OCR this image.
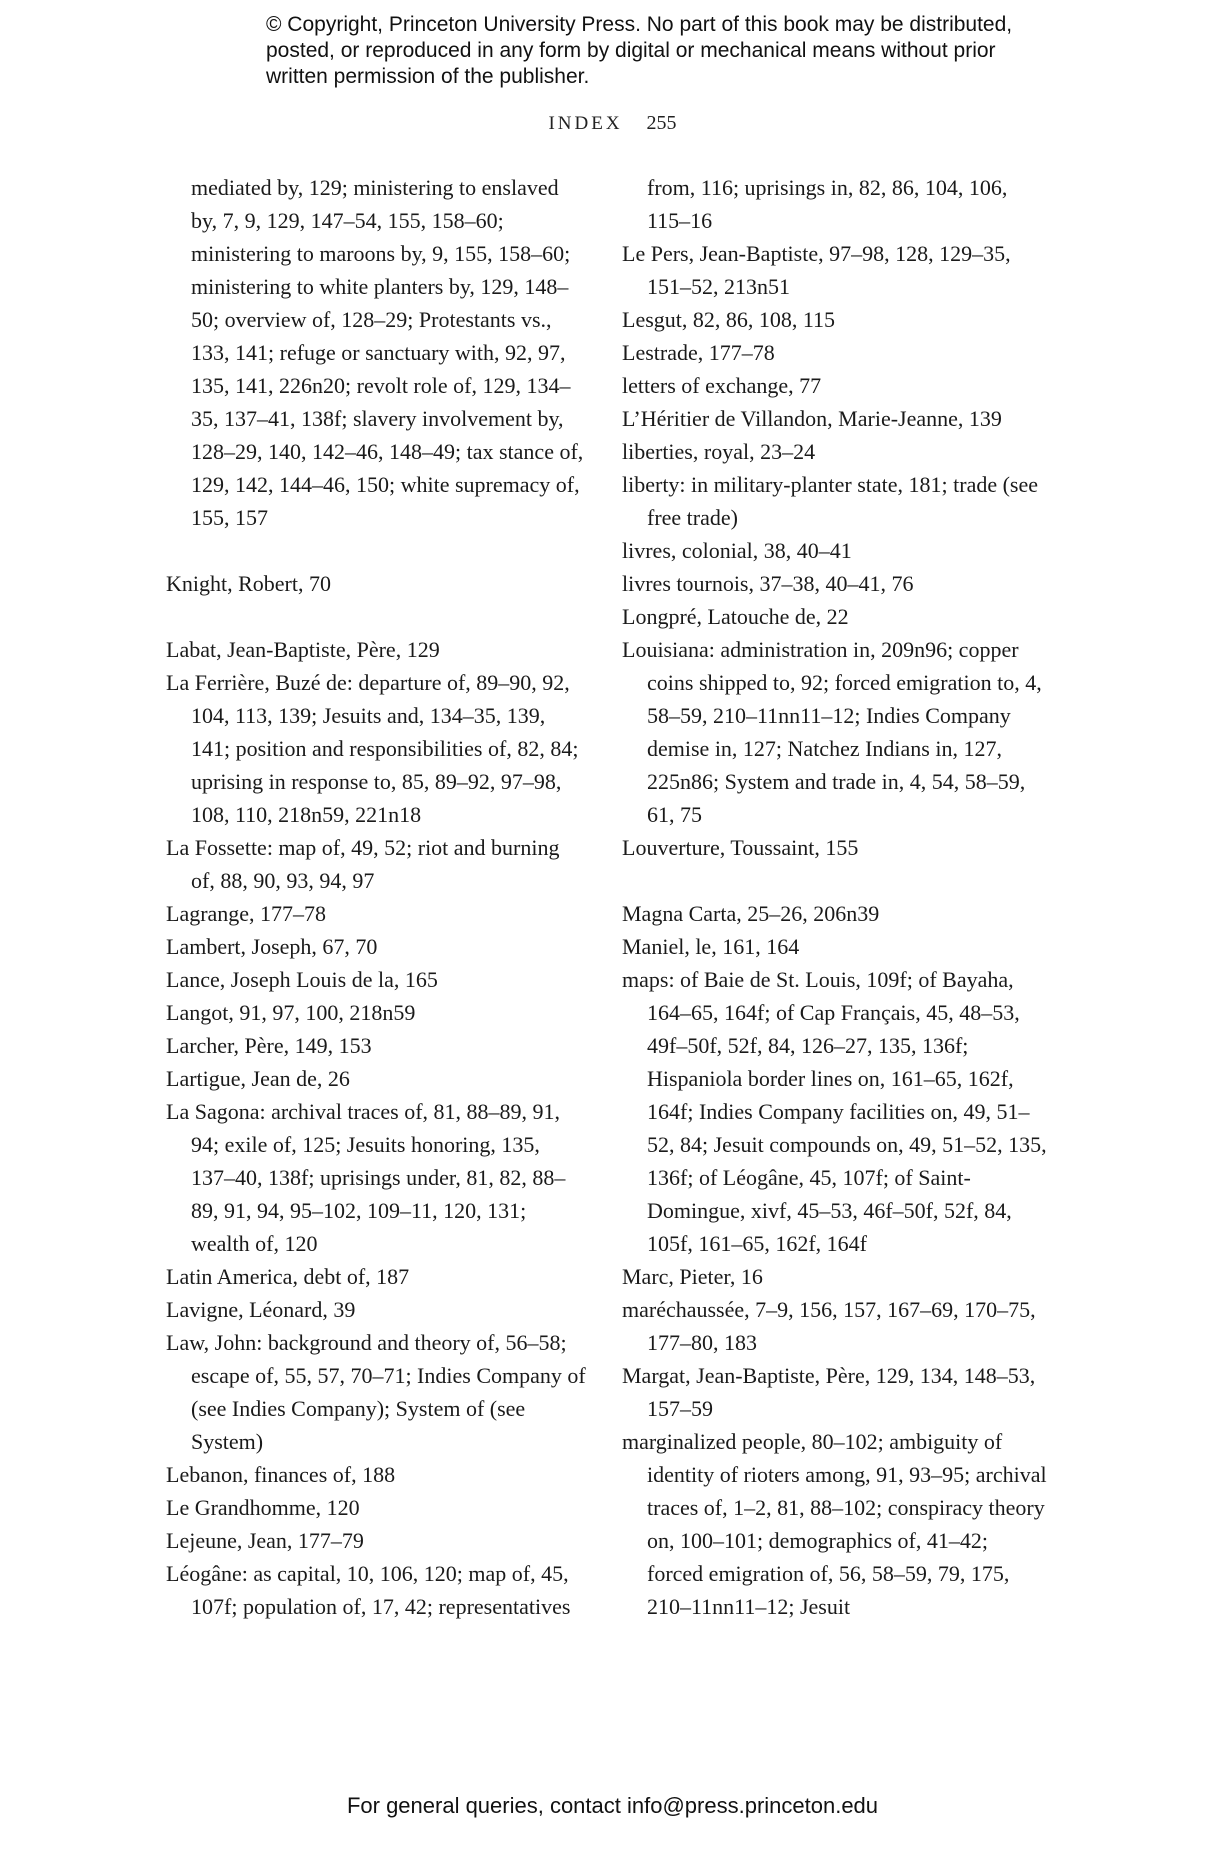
© Copyright, Princeton University Press. No part of this book may be distributed, posted, or reproduced in any form by digital or mechanical means without prior written permission of the publisher.
INDEX 255

mediated by, 129; ministering to enslaved by, 7, 9, 129, 147–54, 155, 158–60; ministering to maroons by, 9, 155, 158–60; ministering to white planters by, 129, 148–50; overview of, 128–29; Protestants vs., 133, 141; refuge or sanctuary with, 92, 97, 135, 141, 226n20; revolt role of, 129, 134–35, 137–41, 138f; slavery involvement by, 128–29, 140, 142–46, 148–49; tax stance of, 129, 142, 144–46, 150; white supremacy of, 155, 157

Knight, Robert, 70

Labat, Jean-Baptiste, Père, 129

La Ferrière, Buzé de: departure of, 89–90, 92, 104, 113, 139; Jesuits and, 134–35, 139, 141; position and responsibilities of, 82, 84; uprising in response to, 85, 89–92, 97–98, 108, 110, 218n59, 221n18

La Fossette: map of, 49, 52; riot and burning of, 88, 90, 93, 94, 97

Lagrange, 177–78

Lambert, Joseph, 67, 70

Lance, Joseph Louis de la, 165

Langot, 91, 97, 100, 218n59

Larcher, Père, 149, 153

Lartigue, Jean de, 26

La Sagona: archival traces of, 81, 88–89, 91, 94; exile of, 125; Jesuits honoring, 135, 137–40, 138f; uprisings under, 81, 82, 88–89, 91, 94, 95–102, 109–11, 120, 131; wealth of, 120

Latin America, debt of, 187

Lavigne, Léonard, 39

Law, John: background and theory of, 56–58; escape of, 55, 57, 70–71; Indies Company of (see Indies Company); System of (see System)

Lebanon, finances of, 188

Le Grandhomme, 120

Lejeune, Jean, 177–79

Léogâne: as capital, 10, 106, 120; map of, 45, 107f; population of, 17, 42; representatives

from, 116; uprisings in, 82, 86, 104, 106, 115–16

Le Pers, Jean-Baptiste, 97–98, 128, 129–35, 151–52, 213n51

Lesgut, 82, 86, 108, 115

Lestrade, 177–78

letters of exchange, 77

L’Héritier de Villandon, Marie-Jeanne, 139

liberties, royal, 23–24

liberty: in military-planter state, 181; trade (see free trade)

livres, colonial, 38, 40–41

livres tournois, 37–38, 40–41, 76

Longpré, Latouche de, 22

Louisiana: administration in, 209n96; copper coins shipped to, 92; forced emigration to, 4, 58–59, 210–11nn11–12; Indies Company demise in, 127; Natchez Indians in, 127, 225n86; System and trade in, 4, 54, 58–59, 61, 75

Louverture, Toussaint, 155

Magna Carta, 25–26, 206n39

Maniel, le, 161, 164

maps: of Baie de St. Louis, 109f; of Bayaha, 164–65, 164f; of Cap Français, 45, 48–53, 49f–50f, 52f, 84, 126–27, 135, 136f; Hispaniola border lines on, 161–65, 162f, 164f; Indies Company facilities on, 49, 51–52, 84; Jesuit compounds on, 49, 51–52, 135, 136f; of Léogâne, 45, 107f; of Saint-Domingue, xivf, 45–53, 46f–50f, 52f, 84, 105f, 161–65, 162f, 164f

Marc, Pieter, 16

maréchaussée, 7–9, 156, 157, 167–69, 170–75, 177–80, 183

Margat, Jean-Baptiste, Père, 129, 134, 148–53, 157–59

marginalized people, 80–102; ambiguity of identity of rioters among, 91, 93–95; archival traces of, 1–2, 81, 88–102; conspiracy theory on, 100–101; demographics of, 41–42; forced emigration of, 56, 58–59, 79, 175, 210–11nn11–12; Jesuit

For general queries, contact info@press.princeton.edu
